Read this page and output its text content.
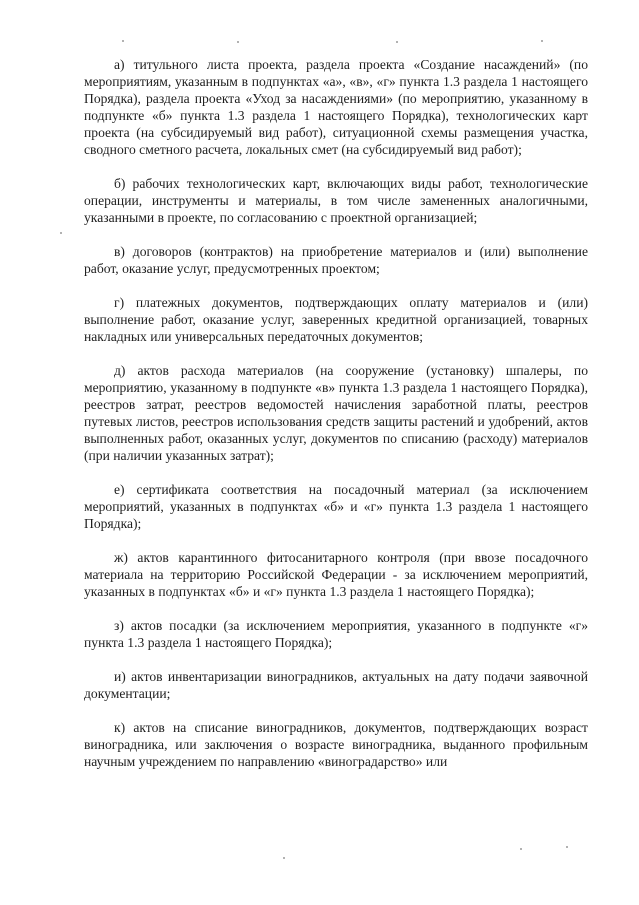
а) титульного листа проекта, раздела проекта «Создание насаждений» (по мероприятиям, указанным в подпунктах «а», «в», «г» пункта 1.3 раздела 1 настоящего Порядка), раздела проекта «Уход за насаждениями» (по мероприятию, указанному в подпункте «б» пункта 1.3 раздела 1 настоящего Порядка), технологических карт проекта (на субсидируемый вид работ), ситуационной схемы размещения участка, сводного сметного расчета, локальных смет (на субсидируемый вид работ);

б) рабочих технологических карт, включающих виды работ, технологические операции, инструменты и материалы, в том числе замененных аналогичными, указанными в проекте, по согласованию с проектной организацией;

в) договоров (контрактов) на приобретение материалов и (или) выполнение работ, оказание услуг, предусмотренных проектом;

г) платежных документов, подтверждающих оплату материалов и (или) выполнение работ, оказание услуг, заверенных кредитной организацией, товарных накладных или универсальных передаточных документов;

д) актов расхода материалов (на сооружение (установку) шпалеры, по мероприятию, указанному в подпункте «в» пункта 1.3 раздела 1 настоящего Порядка), реестров затрат, реестров ведомостей начисления заработной платы, реестров путевых листов, реестров использования средств защиты растений и удобрений, актов выполненных работ, оказанных услуг, документов по списанию (расходу) материалов (при наличии указанных затрат);

е) сертификата соответствия на посадочный материал (за исключением мероприятий, указанных в подпунктах «б» и «г» пункта 1.3 раздела 1 настоящего Порядка);

ж) актов карантинного фитосанитарного контроля (при ввозе посадочного материала на территорию Российской Федерации - за исключением мероприятий, указанных в подпунктах «б» и «г» пункта 1.3 раздела 1 настоящего Порядка);

з) актов посадки (за исключением мероприятия, указанного в подпункте «г» пункта 1.3 раздела 1 настоящего Порядка);

и) актов инвентаризации виноградников, актуальных на дату подачи заявочной документации;

к) актов на списание виноградников, документов, подтверждающих возраст виноградника, или заключения о возрасте виноградника, выданного профильным научным учреждением по направлению «виноградарство» или
